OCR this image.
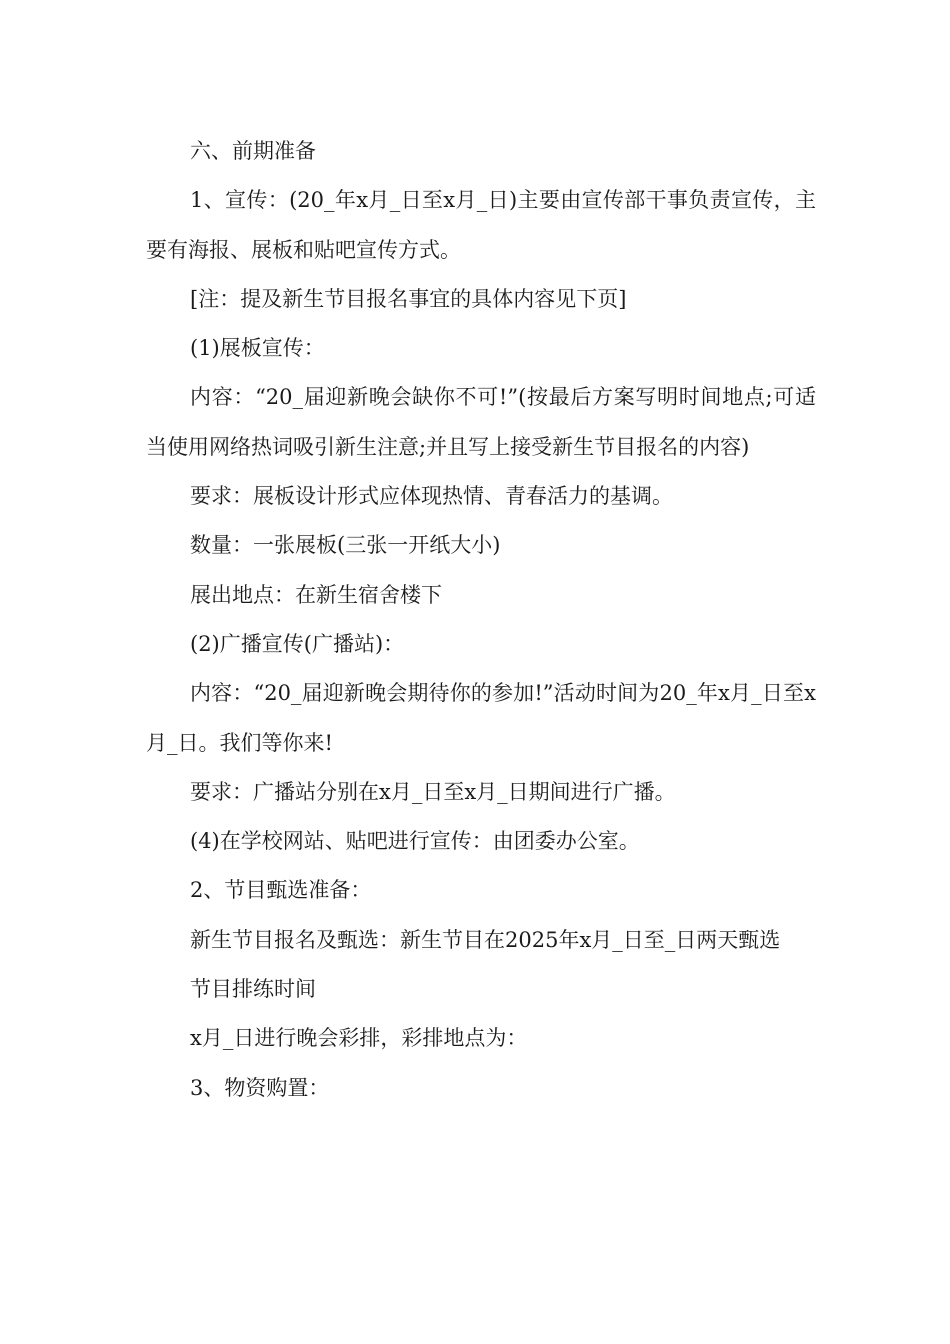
六、前期准备

1、宣传：(20_年x月_日至x月_日)主要由宣传部干事负责宣传，主要有海报、展板和贴吧宣传方式。

[注：提及新生节目报名事宜的具体内容见下页]

(1)展板宣传：

内容：“20_届迎新晚会缺你不可!”(按最后方案写明时间地点;可适当使用网络热词吸引新生注意;并且写上接受新生节目报名的内容)

要求：展板设计形式应体现热情、青春活力的基调。

数量：一张展板(三张一开纸大小)

展出地点：在新生宿舍楼下

(2)广播宣传(广播站)：

内容：“20_届迎新晚会期待你的参加!”活动时间为20_年x月_日至x月_日。我们等你来!

要求：广播站分别在x月_日至x月_日期间进行广播。

(4)在学校网站、贴吧进行宣传：由团委办公室。

2、节目甄选准备：

新生节目报名及甄选：新生节目在2025年x月_日至_日两天甄选

节目排练时间

x月_日进行晚会彩排，彩排地点为：

3、物资购置：
